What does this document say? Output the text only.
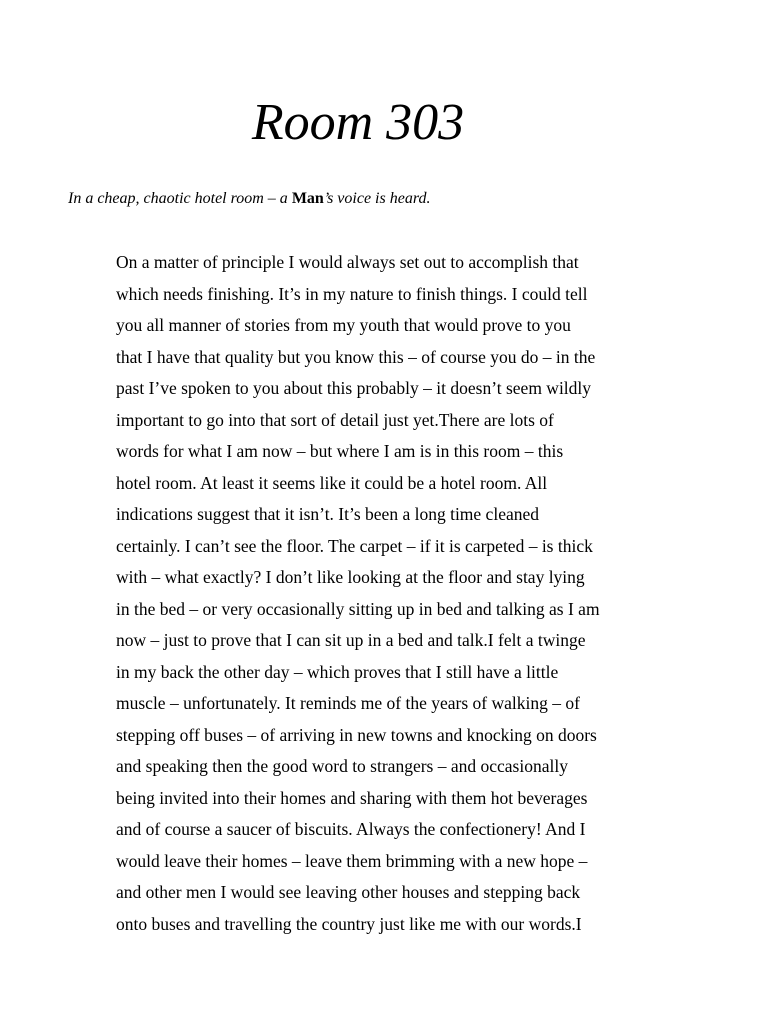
Room 303

In a cheap, chaotic hotel room – a Man’s voice is heard.

On a matter of principle I would always set out to accomplish that
which needs finishing. It’s in my nature to finish things. I could tell
you all manner of stories from my youth that would prove to you
that I have that quality but you know this – of course you do – in the
past I’ve spoken to you about this probably – it doesn’t seem wildly
important to go into that sort of detail just yet.There are lots of
words for what I am now – but where I am is in this room – this
hotel room. At least it seems like it could be a hotel room. All
indications suggest that it isn’t. It’s been a long time cleaned
certainly. I can’t see the floor. The carpet – if it is carpeted – is thick
with – what exactly? I don’t like looking at the floor and stay lying
in the bed – or very occasionally sitting up in bed and talking as I am
now – just to prove that I can sit up in a bed and talk.I felt a twinge
in my back the other day – which proves that I still have a little
muscle – unfortunately. It reminds me of the years of walking – of
stepping off buses – of arriving in new towns and knocking on doors
and speaking then the good word to strangers – and occasionally
being invited into their homes and sharing with them hot beverages
and of course a saucer of biscuits. Always the confectionery! And I
would leave their homes – leave them brimming with a new hope –
and other men I would see leaving other houses and stepping back
onto buses and travelling the country just like me with our words.I
